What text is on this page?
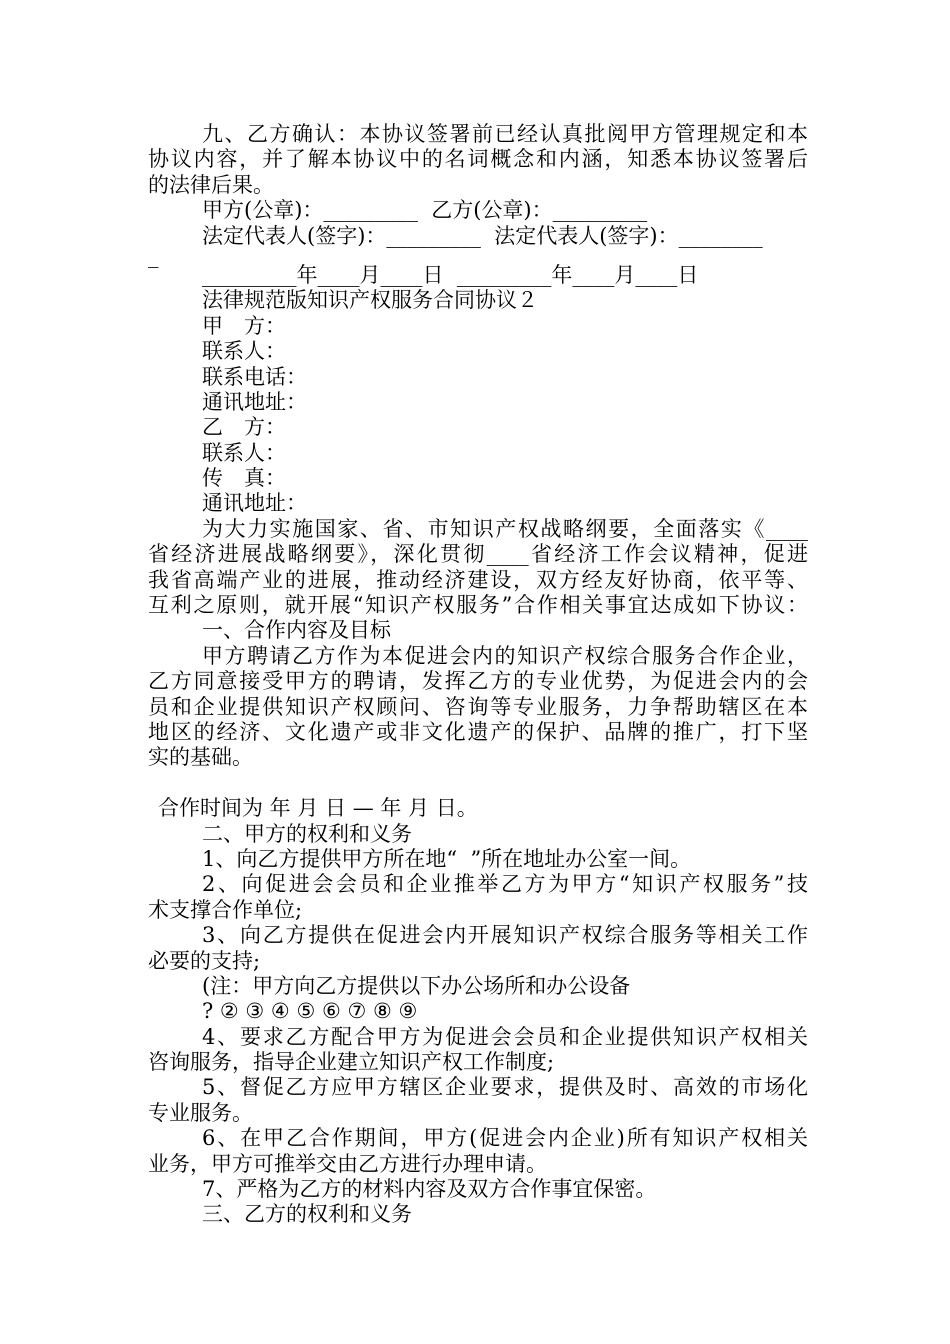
九、乙方确认：本协议签署前已经认真批阅甲方管理规定和本
协议内容，并了解本协议中的名词概念和内涵，知悉本协议签署后
的法律后果。
甲方(公章)：_________  乙方(公章)：_________
法定代表人(签字)：_________  法定代表人(签字)：________
_
_________年____月____日  _________年____月____日
法律规范版知识产权服务合同协议２
甲　方：
联系人：
联系电话：
通讯地址：
乙　方：
联系人：
传　真：
通讯地址：
为大力实施国家、省、市知识产权战略纲要，全面落实《____
省经济进展战略纲要》，深化贯彻____省经济工作会议精神，促进
我省高端产业的进展，推动经济建设，双方经友好协商，依平等、
互利之原则，就开展“知识产权服务”合作相关事宜达成如下协议：
一、合作内容及目标
甲方聘请乙方作为本促进会内的知识产权综合服务合作企业，
乙方同意接受甲方的聘请，发挥乙方的专业优势，为促进会内的会
员和企业提供知识产权顾问、咨询等专业服务，力争帮助辖区在本
地区的经济、文化遗产或非文化遗产的保护、品牌的推广，打下坚
实的基础。
合作时间为 年 月 日 — 年 月 日。
二、甲方的权利和义务
1、向乙方提供甲方所在地“  ”所在地址办公室一间。
2、向促进会会员和企业推举乙方为甲方“知识产权服务”技
术支撑合作单位;
3、向乙方提供在促进会内开展知识产权综合服务等相关工作
必要的支持;
(注：甲方向乙方提供以下办公场所和办公设备
? ② ③ ④ ⑤ ⑥ ⑦ ⑧ ⑨
4、要求乙方配合甲方为促进会会员和企业提供知识产权相关
咨询服务，指导企业建立知识产权工作制度;
5、督促乙方应甲方辖区企业要求，提供及时、高效的市场化
专业服务。
6、在甲乙合作期间，甲方(促进会内企业)所有知识产权相关
业务，甲方可推举交由乙方进行办理申请。
7、严格为乙方的材料内容及双方合作事宜保密。
三、乙方的权利和义务
